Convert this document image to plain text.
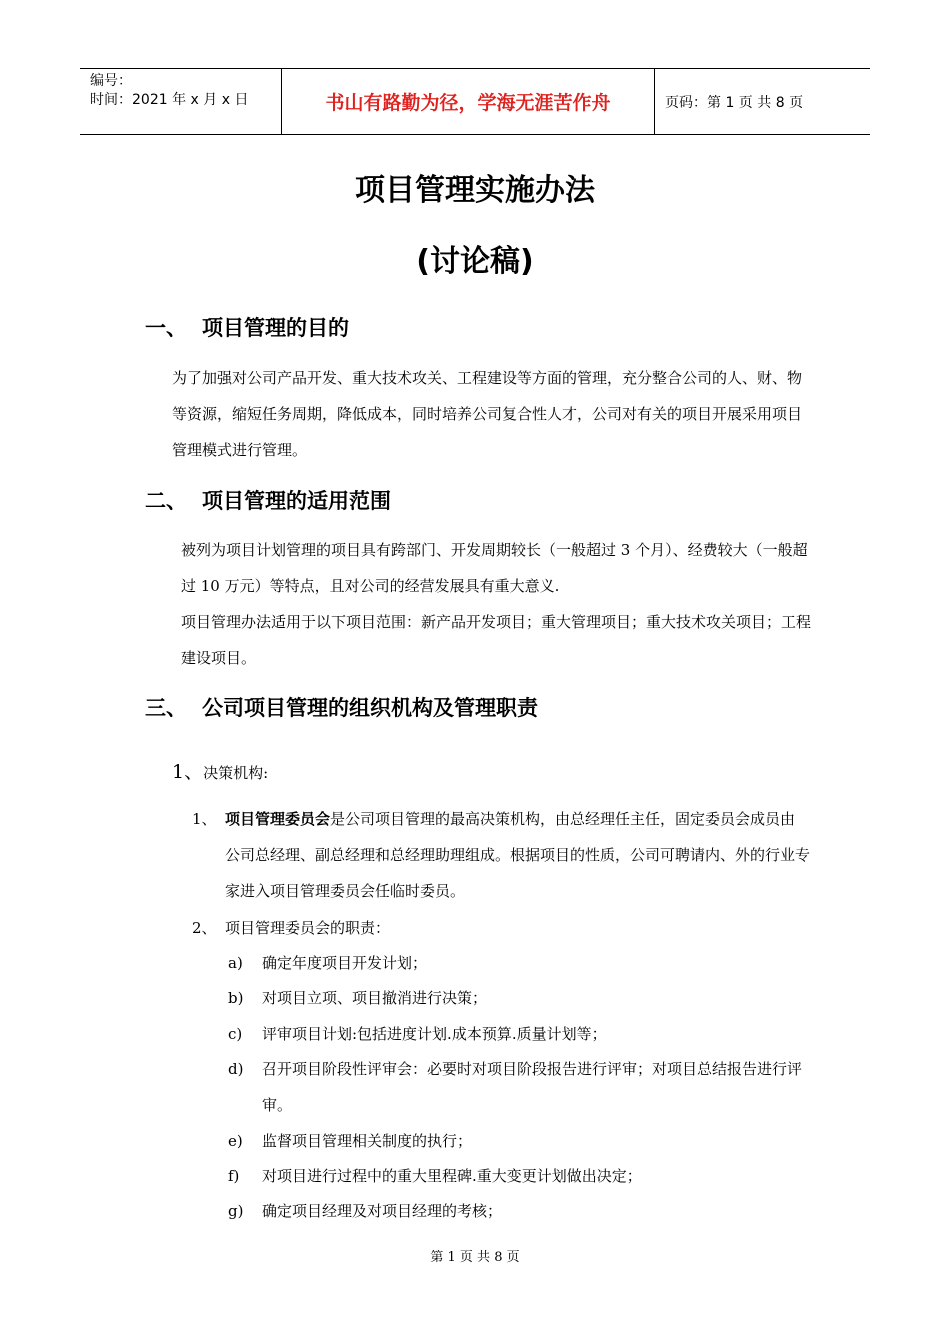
编号：
时间：2021 年 x 月 x 日	书山有路勤为径，学海无涯苦作舟	页码：第 1 页 共 8 页
项目管理实施办法
(讨论稿)
一、 项目管理的目的
为了加强对公司产品开发、重大技术攻关、工程建设等方面的管理，充分整合公司的人、财、物等资源，缩短任务周期，降低成本，同时培养公司复合性人才，公司对有关的项目开展采用项目管理模式进行管理。
二、 项目管理的适用范围
被列为项目计划管理的项目具有跨部门、开发周期较长（一般超过 3 个月）、经费较大（一般超过 10 万元）等特点，且对公司的经营发展具有重大意义.
项目管理办法适用于以下项目范围：新产品开发项目；重大管理项目；重大技术攻关项目；工程建设项目。
三、 公司项目管理的组织机构及管理职责
1、决策机构:
1、 项目管理委员会是公司项目管理的最高决策机构，由总经理任主任，固定委员会成员由公司总经理、副总经理和总经理助理组成。根据项目的性质，公司可聘请内、外的行业专家进入项目管理委员会任临时委员。
2、 项目管理委员会的职责：
a) 确定年度项目开发计划；
b) 对项目立项、项目撤消进行决策；
c) 评审项目计划:包括进度计划.成本预算.质量计划等；
d) 召开项目阶段性评审会：必要时对项目阶段报告进行评审；对项目总结报告进行评审。
e) 监督项目管理相关制度的执行；
f) 对项目进行过程中的重大里程碑.重大变更计划做出决定；
g) 确定项目经理及对项目经理的考核；
第 1 页 共 8 页
